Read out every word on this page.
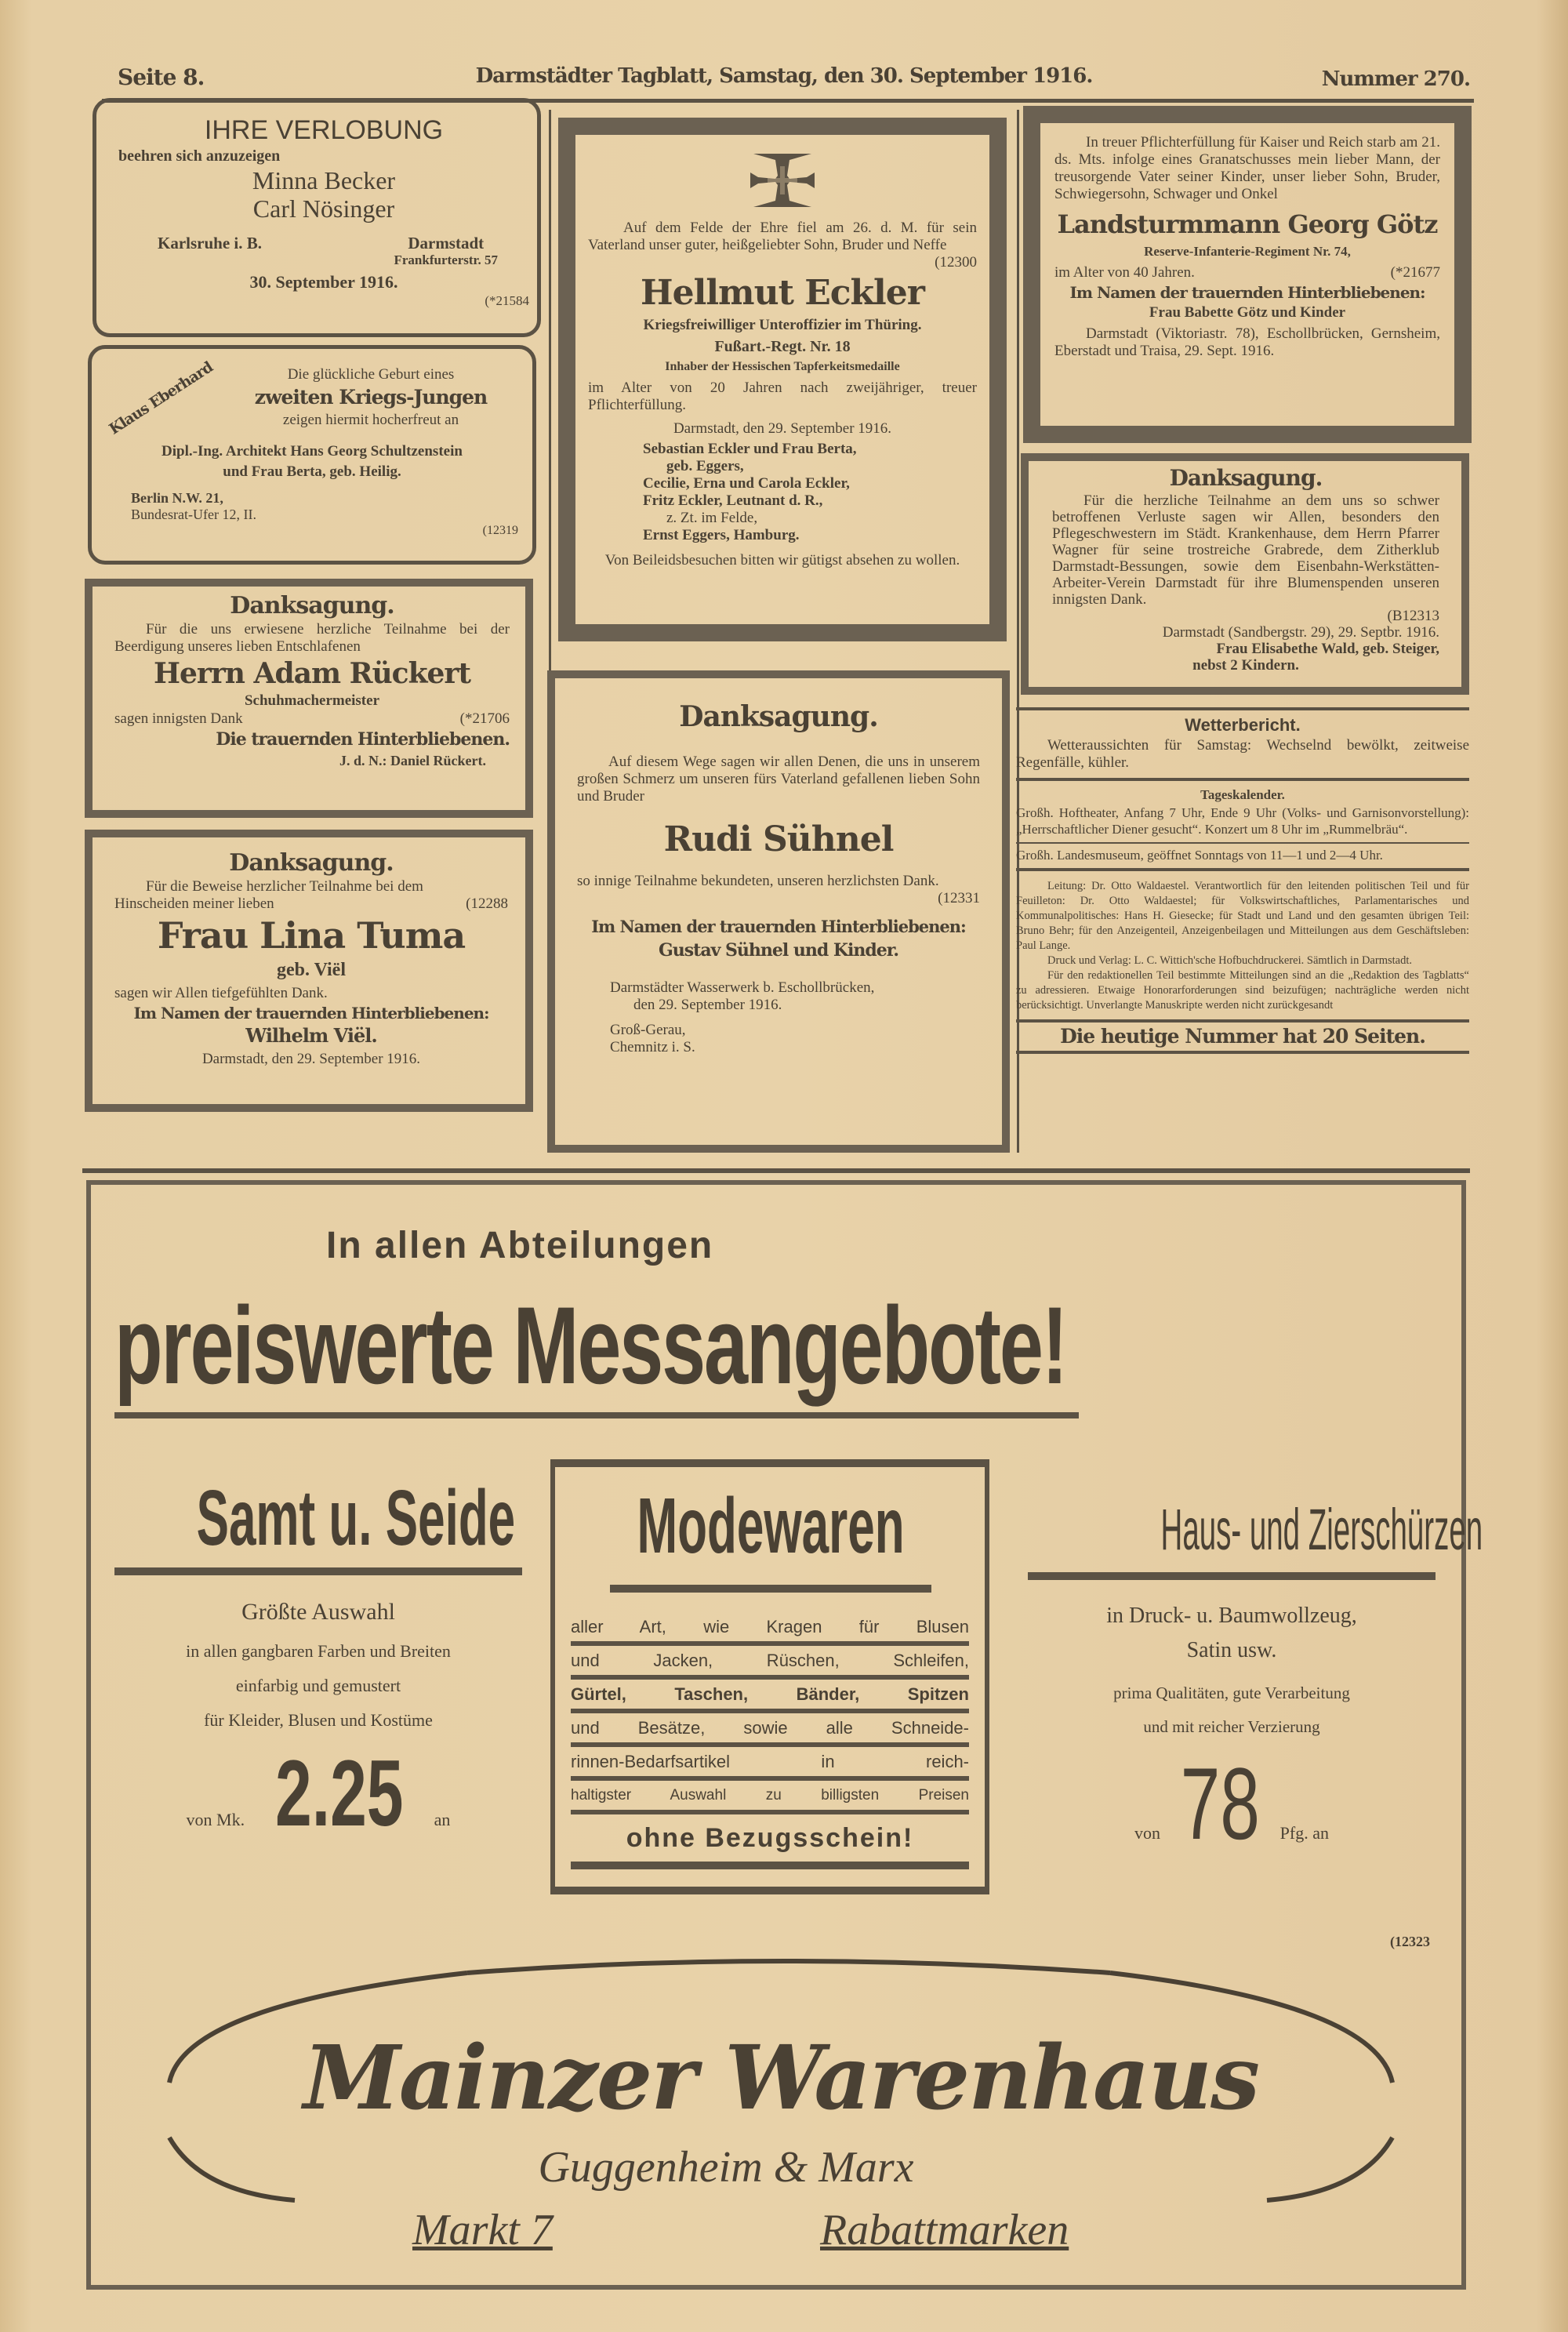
Seite 8.	Darmstädter Tagblatt, Samstag, den 30. September 1916.	Nummer 270.
IHRE VERLOBUNG
beehren sich anzuzeigen
Minna Becker
Carl Nösinger
Karlsruhe i. B.	Darmstadt
Frankfurterstr. 57
30. September 1916.
(*21584
Klaus Eberhard	Die glückliche Geburt eines
zweiten Kriegs-Jungen
zeigen hiermit hocherfreut an
Dipl.-Ing. Architekt Hans Georg Schultzenstein
und Frau Berta, geb. Heilig.
Berlin N.W. 21,
Bundesrat-Ufer 12, II.
(12319
Danksagung.
Für die uns erwiesene herzliche Teilnahme bei der Beerdigung unseres lieben Entschlafenen
Herrn Adam Rückert
Schuhmachermeister
sagen innigsten Dank	(*21706
Die trauernden Hinterbliebenen.
J. d. N.: Daniel Rückert.
Danksagung.
Für die Beweise herzlicher Teilnahme bei dem
Hinscheiden meiner lieben	(12288
Frau Lina Tuma
geb. Viël
sagen wir Allen tiefgefühlten Dank.
Im Namen der trauernden Hinterbliebenen:
Wilhelm Viël.
Darmstadt, den 29. September 1916.
Auf dem Felde der Ehre fiel am 26. d. M. für sein Vaterland unser guter, heißgeliebter Sohn, Bruder und Neffe
(12300
Hellmut Eckler
Kriegsfreiwilliger Unteroffizier im Thüring.
Fußart.-Regt. Nr. 18
Inhaber der Hessischen Tapferkeitsmedaille
im Alter von 20 Jahren nach zweijähriger, treuer Pflichterfüllung.
Darmstadt, den 29. September 1916.
Sebastian Eckler und Frau Berta,
geb. Eggers,
Cecilie, Erna und Carola Eckler,
Fritz Eckler, Leutnant d. R.,
z. Zt. im Felde,
Ernst Eggers, Hamburg.
Von Beileidsbesuchen bitten wir gütigst absehen zu wollen.
Danksagung.
Auf diesem Wege sagen wir allen Denen, die uns in unserem großen Schmerz um unseren fürs Vaterland gefallenen lieben Sohn und Bruder
Rudi Sühnel
so innige Teilnahme bekundeten, unseren herzlichsten Dank.
(12331
Im Namen der trauernden Hinterbliebenen:
Gustav Sühnel und Kinder.
Darmstädter Wasserwerk b. Eschollbrücken,
den 29. September 1916.
Groß-Gerau,
Chemnitz i. S.
In treuer Pflichterfüllung für Kaiser und Reich starb am 21. ds. Mts. infolge eines Granatschusses mein lieber Mann, der treusorgende Vater seiner Kinder, unser lieber Sohn, Bruder, Schwiegersohn, Schwager und Onkel
Landsturmmann Georg Götz
Reserve-Infanterie-Regiment Nr. 74,
im Alter von 40 Jahren.	(*21677
Im Namen der trauernden Hinterbliebenen:
Frau Babette Götz und Kinder
Darmstadt (Viktoriastr. 78), Eschollbrücken, Gernsheim, Eberstadt und Traisa, 29. Sept. 1916.
Danksagung.
Für die herzliche Teilnahme an dem uns so schwer betroffenen Verluste sagen wir Allen, besonders den Pflegeschwestern im Städt. Krankenhause, dem Herrn Pfarrer Wagner für seine trostreiche Grabrede, dem Zitherklub Darmstadt-Bessungen, sowie dem Eisenbahn-Werkstätten-Arbeiter-Verein Darmstadt für ihre Blumenspenden unseren innigsten Dank.
(B12313
Darmstadt (Sandbergstr. 29), 29. Septbr. 1916.
Frau Elisabethe Wald, geb. Steiger,
nebst 2 Kindern.
Wetterbericht.
Wetteraussichten für Samstag: Wechselnd bewölkt, zeitweise Regenfälle, kühler.
Tageskalender.
Großh. Hoftheater, Anfang 7 Uhr, Ende 9 Uhr (Volks- und Garnisonvorstellung): „Herrschaftlicher Diener gesucht“. Konzert um 8 Uhr im „Rummelbräu“.
Großh. Landesmuseum, geöffnet Sonntags von 11—1 und 2—4 Uhr.
Leitung: Dr. Otto Waldaestel. Verantwortlich für den leitenden politischen Teil und für Feuilleton: Dr. Otto Waldaestel; für Volkswirtschaftliches, Parlamentarisches und Kommunalpolitisches: Hans H. Giesecke; für Stadt und Land und den gesamten übrigen Teil: Bruno Behr; für den Anzeigenteil, Anzeigenbeilagen und Mitteilungen aus dem Geschäftsleben: Paul Lange.
Druck und Verlag: L. C. Wittich'sche Hofbuchdruckerei. Sämtlich in Darmstadt.
Für den redaktionellen Teil bestimmte Mitteilungen sind an die „Redaktion des Tagblatts“ zu adressieren. Etwaige Honorarforderungen sind beizufügen; nachträgliche werden nicht berücksichtigt. Unverlangte Manuskripte werden nicht zurückgesandt
Die heutige Nummer hat 20 Seiten.
In allen Abteilungen
preiswerte Messangebote!
Samt u. Seide
Größte Auswahl
in allen gangbaren Farben und Breiten
einfarbig und gemustert
für Kleider, Blusen und Kostüme
von Mk. 2.25 an
Modewaren
aller Art, wie Kragen für Blusen
und Jacken, Rüschen, Schleifen,
Gürtel, Taschen, Bänder, Spitzen
und Besätze, sowie alle Schneide-
rinnen-Bedarfsartikel in reich-
haltigster Auswahl zu billigsten Preisen
ohne Bezugsschein!
Haus- und Zierschürzen
in Druck- u. Baumwollzeug,
Satin usw.
prima Qualitäten, gute Verarbeitung
und mit reicher Verzierung
von 78 Pfg. an
(12323
Mainzer Warenhaus
Guggenheim & Marx
Markt 7	Rabattmarken
